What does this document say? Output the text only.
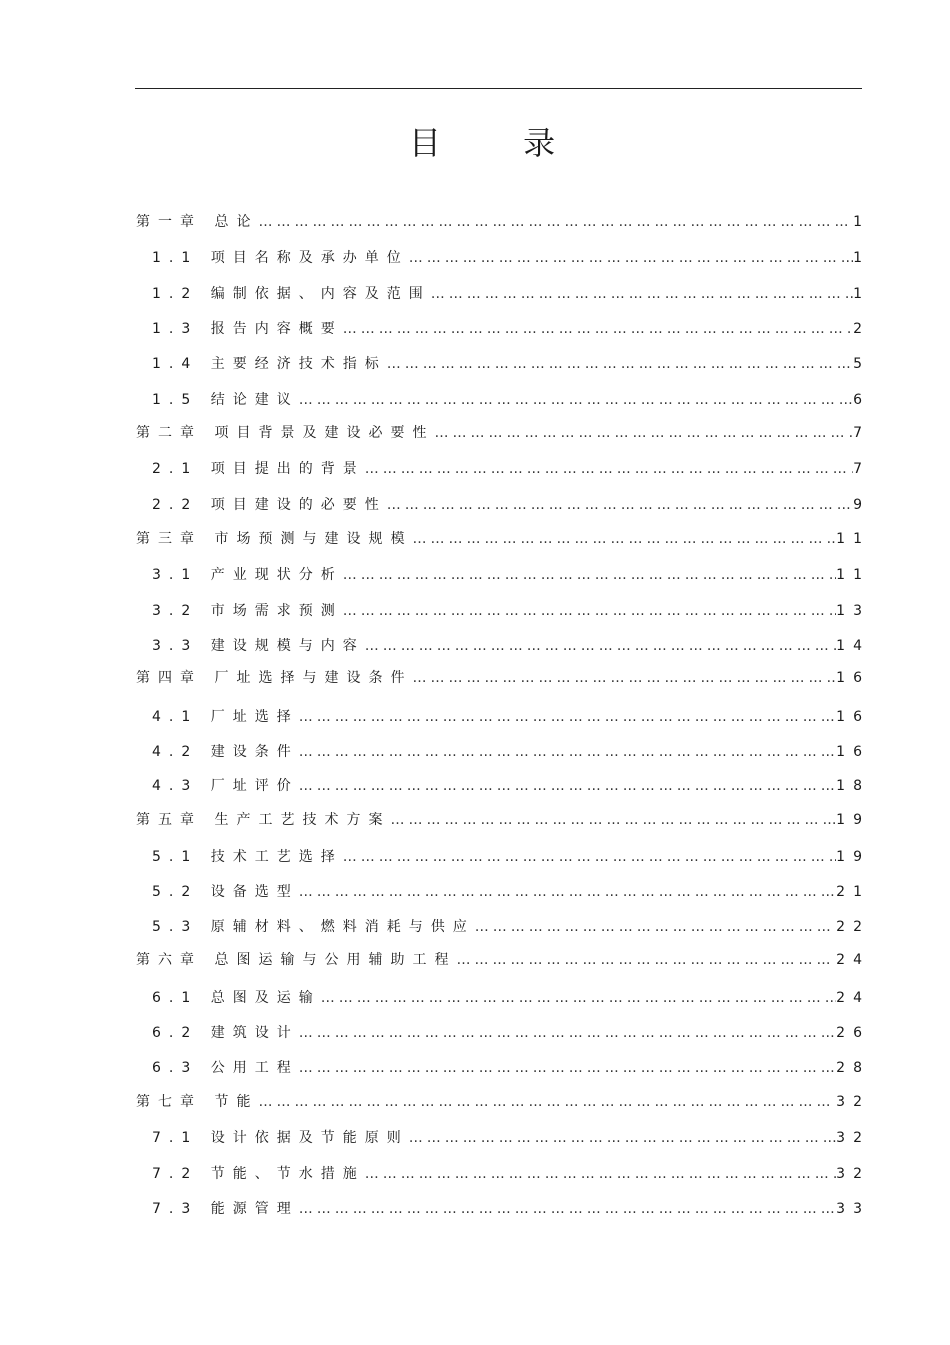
目 录
第一章 总论 …………………………………………………………………………………………………………	1
1.1 项目名称及承办单位 …………………………………………………………………………………………………………	1
1.2 编制依据、内容及范围 …………………………………………………………………………………………………………	1
1.3 报告内容概要 …………………………………………………………………………………………………………	2
1.4 主要经济技术指标 …………………………………………………………………………………………………………	5
1.5 结论建议 …………………………………………………………………………………………………………	6
第二章 项目背景及建设必要性 …………………………………………………………………………………………………………	7
2.1 项目提出的背景 …………………………………………………………………………………………………………	7
2.2 项目建设的必要性 …………………………………………………………………………………………………………	9
第三章 市场预测与建设规模 …………………………………………………………………………………………………………	11
3.1 产业现状分析 …………………………………………………………………………………………………………	11
3.2 市场需求预测 …………………………………………………………………………………………………………	13
3.3 建设规模与内容 …………………………………………………………………………………………………………	14
第四章 厂址选择与建设条件 …………………………………………………………………………………………………………	16
4.1 厂址选择 …………………………………………………………………………………………………………	16
4.2 建设条件 …………………………………………………………………………………………………………	16
4.3 厂址评价 …………………………………………………………………………………………………………	18
第五章 生产工艺技术方案 …………………………………………………………………………………………………………	19
5.1 技术工艺选择 …………………………………………………………………………………………………………	19
5.2 设备选型 …………………………………………………………………………………………………………	21
5.3 原辅材料、燃料消耗与供应 …………………………………………………………………………………………………………	22
第六章 总图运输与公用辅助工程 …………………………………………………………………………………………………………	24
6.1 总图及运输 …………………………………………………………………………………………………………	24
6.2 建筑设计 …………………………………………………………………………………………………………	26
6.3 公用工程 …………………………………………………………………………………………………………	28
第七章 节能 …………………………………………………………………………………………………………	32
7.1 设计依据及节能原则 …………………………………………………………………………………………………………	32
7.2 节能、节水措施 …………………………………………………………………………………………………………	32
7.3 能源管理 …………………………………………………………………………………………………………	33
